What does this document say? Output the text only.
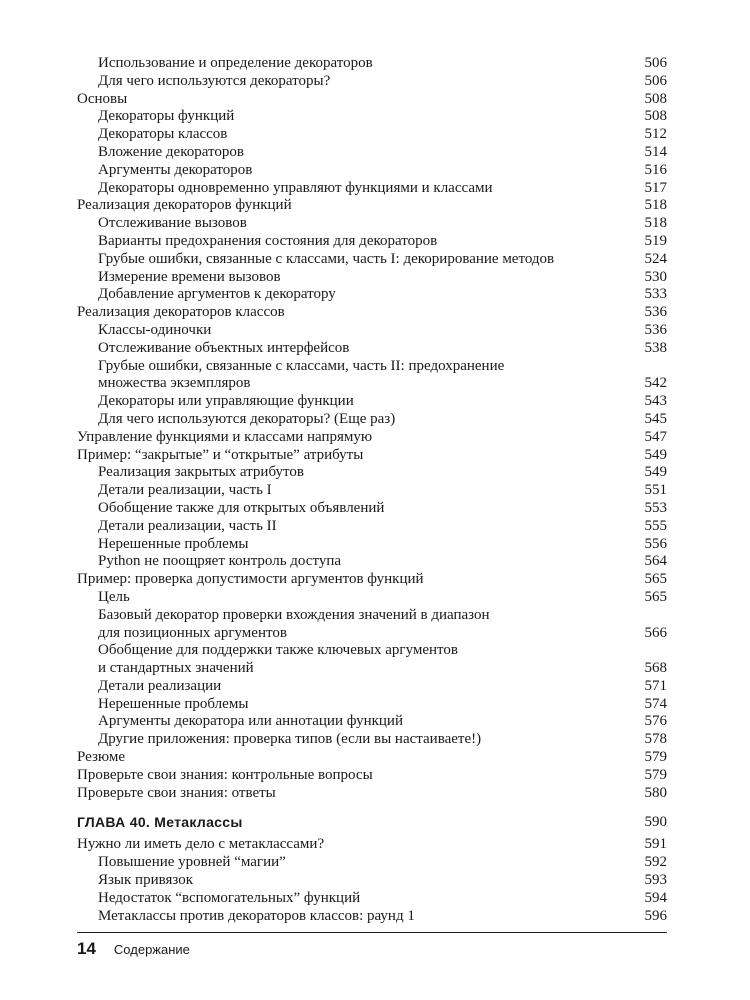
Использование и определение декораторов	506
Для чего используются декораторы?	506
Основы	508
Декораторы функций	508
Декораторы классов	512
Вложение декораторов	514
Аргументы декораторов	516
Декораторы одновременно управляют функциями и классами	517
Реализация декораторов функций	518
Отслеживание вызовов	518
Варианты предохранения состояния для декораторов	519
Грубые ошибки, связанные с классами, часть I: декорирование методов	524
Измерение времени вызовов	530
Добавление аргументов к декоратору	533
Реализация декораторов классов	536
Классы-одиночки	536
Отслеживание объектных интерфейсов	538
Грубые ошибки, связанные с классами, часть II: предохранение
множества экземпляров	542
Декораторы или управляющие функции	543
Для чего используются декораторы? (Еще раз)	545
Управление функциями и классами напрямую	547
Пример: “закрытые” и “открытые” атрибуты	549
Реализация закрытых атрибутов	549
Детали реализации, часть I	551
Обобщение также для открытых объявлений	553
Детали реализации, часть II	555
Нерешенные проблемы	556
Python не поощряет контроль доступа	564
Пример: проверка допустимости аргументов функций	565
Цель	565
Базовый декоратор проверки вхождения значений в диапазон
для позиционных аргументов	566
Обобщение для поддержки также ключевых аргументов
и стандартных значений	568
Детали реализации	571
Нерешенные проблемы	574
Аргументы декоратора или аннотации функций	576
Другие приложения: проверка типов (если вы настаиваете!)	578
Резюме	579
Проверьте свои знания: контрольные вопросы	579
Проверьте свои знания: ответы	580
ГЛАВА 40. Метаклассы	590
Нужно ли иметь дело с метаклассами?	591
Повышение уровней “магии”	592
Язык привязок	593
Недостаток “вспомогательных” функций	594
Метаклассы против декораторов классов: раунд 1	596
14 Содержание
